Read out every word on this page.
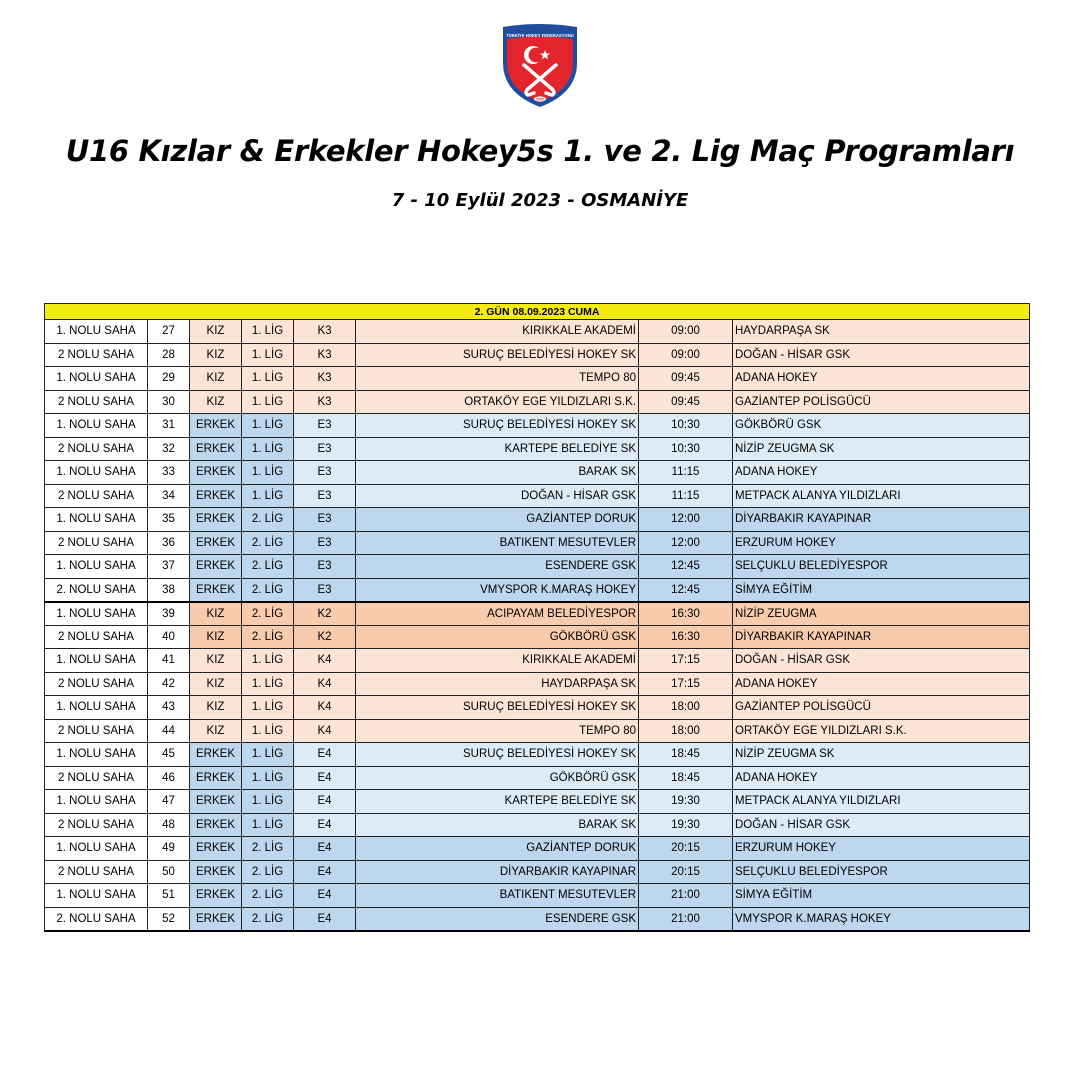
TÜRKİYE HOKEY FEDERASYONU
2000
U16 Kızlar & Erkekler Hokey5s 1. ve 2. Lig Maç Programları
7 - 10 Eylül 2023 - OSMANİYE
2. GÜN 08.09.2023 CUMA							
1. NOLU SAHA	27	KIZ	1. LİG	K3	KIRIKKALE AKADEMİ	09:00	HAYDARPAŞA SK
2 NOLU SAHA	28	KIZ	1. LİG	K3	SURUÇ BELEDİYESİ HOKEY SK	09:00	DOĞAN - HİSAR GSK
1. NOLU SAHA	29	KIZ	1. LİG	K3	TEMPO 80	09:45	ADANA HOKEY
2 NOLU SAHA	30	KIZ	1. LİG	K3	ORTAKÖY EGE YILDIZLARI S.K.	09:45	GAZİANTEP POLİSGÜCÜ
1. NOLU SAHA	31	ERKEK	1. LİG	E3	SURUÇ BELEDİYESİ HOKEY SK	10:30	GÖKBÖRÜ GSK
2 NOLU SAHA	32	ERKEK	1. LİG	E3	KARTEPE BELEDİYE SK	10:30	NİZİP ZEUGMA SK
1. NOLU SAHA	33	ERKEK	1. LİG	E3	BARAK SK	11:15	ADANA HOKEY
2 NOLU SAHA	34	ERKEK	1. LİG	E3	DOĞAN - HİSAR GSK	11:15	METPACK ALANYA YILDIZLARI
1. NOLU SAHA	35	ERKEK	2. LİG	E3	GAZİANTEP DORUK	12:00	DİYARBAKIR KAYAPINAR
2 NOLU SAHA	36	ERKEK	2. LİG	E3	BATIKENT MESUTEVLER	12:00	ERZURUM HOKEY
1. NOLU SAHA	37	ERKEK	2. LİG	E3	ESENDERE GSK	12:45	SELÇUKLU BELEDİYESPOR
2. NOLU SAHA	38	ERKEK	2. LİG	E3	VMYSPOR K.MARAŞ HOKEY	12:45	SİMYA EĞİTİM
1. NOLU SAHA	39	KIZ	2. LİG	K2	ACIPAYAM BELEDİYESPOR	16:30	NİZİP ZEUGMA
2 NOLU SAHA	40	KIZ	2. LİG	K2	GÖKBÖRÜ GSK	16:30	DİYARBAKIR KAYAPINAR
1. NOLU SAHA	41	KIZ	1. LİG	K4	KIRIKKALE AKADEMİ	17:15	DOĞAN - HİSAR GSK
2 NOLU SAHA	42	KIZ	1. LİG	K4	HAYDARPAŞA SK	17:15	ADANA HOKEY
1. NOLU SAHA	43	KIZ	1. LİG	K4	SURUÇ BELEDİYESİ HOKEY SK	18:00	GAZİANTEP POLİSGÜCÜ
2 NOLU SAHA	44	KIZ	1. LİG	K4	TEMPO 80	18:00	ORTAKÖY EGE YILDIZLARI S.K.
1. NOLU SAHA	45	ERKEK	1. LİG	E4	SURUÇ BELEDİYESİ HOKEY SK	18:45	NİZİP ZEUGMA SK
2 NOLU SAHA	46	ERKEK	1. LİG	E4	GÖKBÖRÜ GSK	18:45	ADANA HOKEY
1. NOLU SAHA	47	ERKEK	1. LİG	E4	KARTEPE BELEDİYE SK	19:30	METPACK ALANYA YILDIZLARI
2 NOLU SAHA	48	ERKEK	1. LİG	E4	BARAK SK	19:30	DOĞAN - HİSAR GSK
1. NOLU SAHA	49	ERKEK	2. LİG	E4	GAZİANTEP DORUK	20:15	ERZURUM HOKEY
2 NOLU SAHA	50	ERKEK	2. LİG	E4	DİYARBAKIR KAYAPINAR	20:15	SELÇUKLU BELEDİYESPOR
1. NOLU SAHA	51	ERKEK	2. LİG	E4	BATIKENT MESUTEVLER	21:00	SİMYA EĞİTİM
2. NOLU SAHA	52	ERKEK	2. LİG	E4	ESENDERE GSK	21:00	VMYSPOR K.MARAŞ HOKEY
